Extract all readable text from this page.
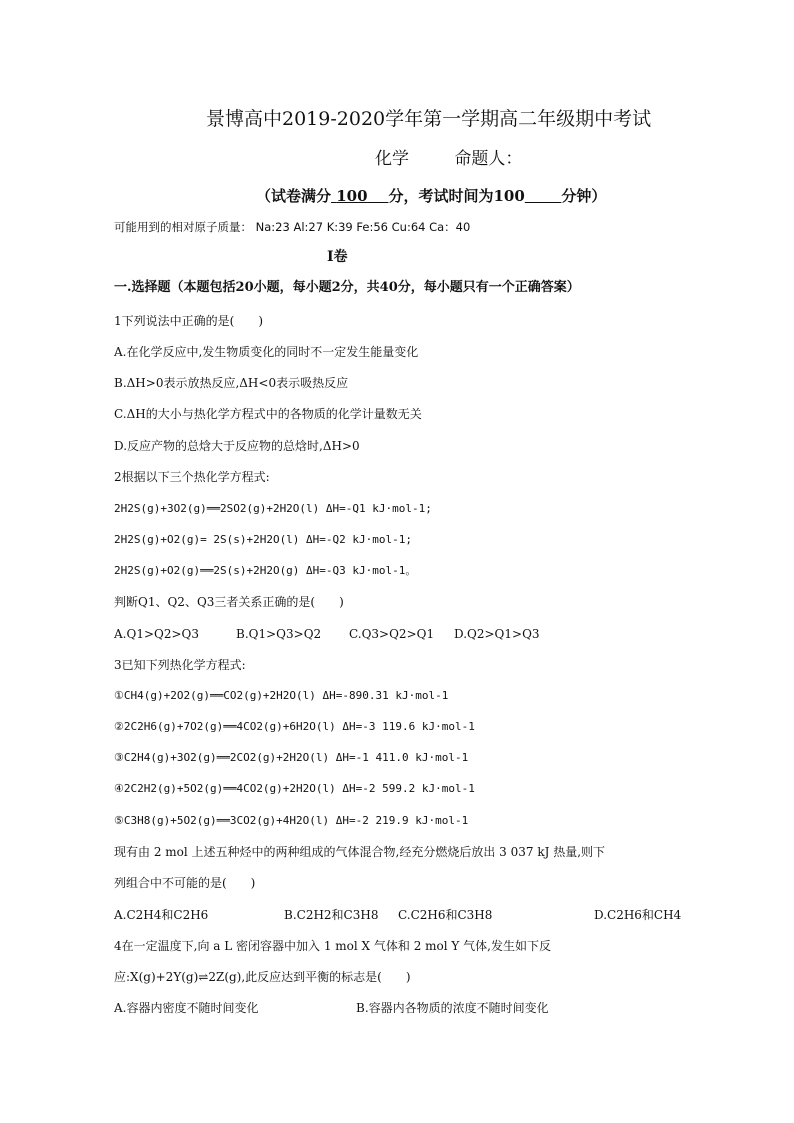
景博高中2019-2020学年第一学期高二年级期中考试
化学	命题人：
（试卷满分 100 分，考试时间为100 分钟）
可能用到的相对原子质量： Na:23 Al:27 K:39 Fe:56 Cu:64 Ca：40
I卷
一.选择题（本题包括20小题，每小题2分，共40分，每小题只有一个正确答案）
1下列说法中正确的是(　　)
A.在化学反应中,发生物质变化的同时不一定发生能量变化
B.ΔH>0表示放热反应,ΔH<0表示吸热反应
C.ΔH的大小与热化学方程式中的各物质的化学计量数无关
D.反应产物的总焓大于反应物的总焓时,ΔH>0
2根据以下三个热化学方程式:
2H2S(g)+3O2(g)══2SO2(g)+2H2O(l) ΔH=-Q1 kJ·mol-1;
2H2S(g)+O2(g)= 2S(s)+2H2O(l) ΔH=-Q2 kJ·mol-1;
2H2S(g)+O2(g)══2S(s)+2H2O(g) ΔH=-Q3 kJ·mol-1。
判断Q1、Q2、Q3三者关系正确的是(　　)
A.Q1>Q2>Q3	B.Q1>Q3>Q2 C.Q3>Q2>Q1 D.Q2>Q1>Q3
3已知下列热化学方程式:
①CH4(g)+2O2(g)══CO2(g)+2H2O(l) ΔH=-890.31 kJ·mol-1
②2C2H6(g)+7O2(g)══4CO2(g)+6H2O(l) ΔH=-3 119.6 kJ·mol-1
③C2H4(g)+3O2(g)══2CO2(g)+2H2O(l) ΔH=-1 411.0 kJ·mol-1
④2C2H2(g)+5O2(g)══4CO2(g)+2H2O(l) ΔH=-2 599.2 kJ·mol-1
⑤C3H8(g)+5O2(g)══3CO2(g)+4H2O(l) ΔH=-2 219.9 kJ·mol-1
现有由 2 mol 上述五种烃中的两种组成的气体混合物,经充分燃烧后放出 3 037 kJ 热量,则下
列组合中不可能的是(　　)
A.C2H4和C2H6	B.C2H2和C3H8 C.C2H6和C3H8	D.C2H6和CH4
4在一定温度下,向 a L 密闭容器中加入 1 mol X 气体和 2 mol Y 气体,发生如下反
应:X(g)+2Y(g)⇌2Z(g),此反应达到平衡的标志是(　　)
A.容器内密度不随时间变化	B.容器内各物质的浓度不随时间变化
